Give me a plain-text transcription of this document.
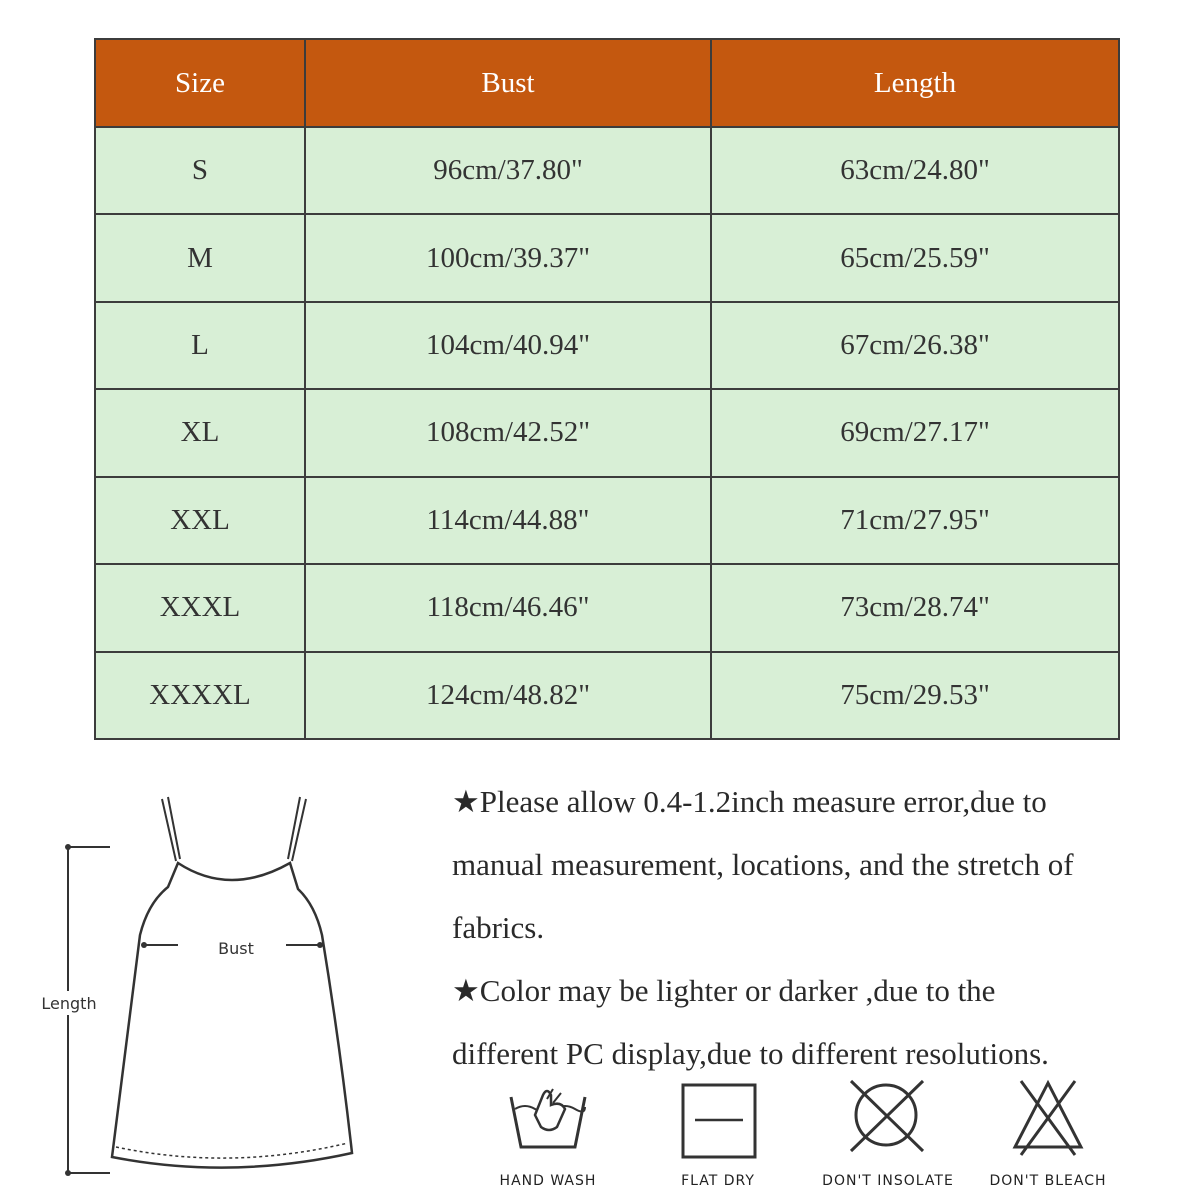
Size	Bust	Length
S	96cm/37.80"	63cm/24.80"
M	100cm/39.37"	65cm/25.59"
L	104cm/40.94"	67cm/26.38"
XL	108cm/42.52"	69cm/27.17"
XXL	114cm/44.88"	71cm/27.95"
XXXL	118cm/46.46"	73cm/28.74"
XXXXL	124cm/48.82"	75cm/29.53"
Bust
Length

★Please allow 0.4-1.2inch measure error,due to

manual measurement, locations, and the stretch of

fabrics.

★Color may be lighter or darker ,due to the

different PC display,due to different resolutions.

HAND WASH	FLAT DRY	DON'T INSOLATE	DON'T BLEACH
